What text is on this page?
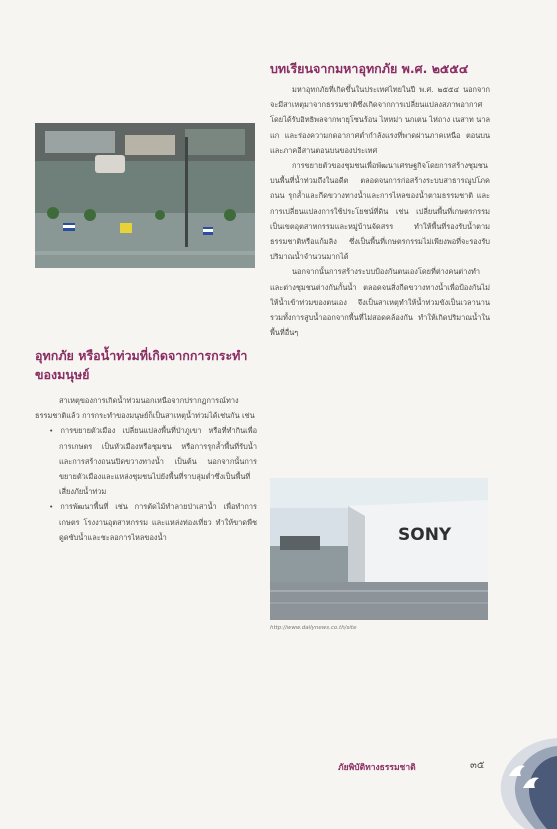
อุทกภัย หรือน้ำท่วมที่เกิดจากการกระทำของมนุษย์

สาเหตุของการเกิดน้ำท่วมนอกเหนือจากปรากฏการณ์ทางธรรมชาติแล้ว การกระทำของมนุษย์ก็เป็นสาเหตุน้ำท่วมได้เช่นกัน เช่น

• การขยายตัวเมือง เปลี่ยนแปลงพื้นที่ป่าภูเขา หรือที่ทำกินเพื่อการเกษตร เป็นหัวเมืองหรือชุมชน หรือการรุกล้ำพื้นที่รับน้ำ และการสร้างถนนปิดขวางทางน้ำ เป็นต้น นอกจากนั้นการขยายตัวเมืองและแหล่งชุมชนไปยังพื้นที่ราบลุ่มต่ำซึ่งเป็นพื้นที่เสี่ยงภัยน้ำท่วม

• การพัฒนาพื้นที่ เช่น การตัดไม้ทำลายป่าเสาน้ำ เพื่อทำการเกษตร โรงงานอุตสาหกรรม และแหล่งท่องเที่ยว ทำให้ขาดพืชดูดซับน้ำและชะลอการไหลของน้ำ

บทเรียนจากมหาอุทกภัย พ.ศ. ๒๕๕๔

มหาอุทกภัยที่เกิดขึ้นในประเทศไทยในปี พ.ศ. ๒๕๕๔ นอกจากจะมีสาเหตุมาจากธรรมชาติซึ่งเกิดจากการเปลี่ยนแปลงสภาพอากาศ โดยได้รับอิทธิพลจากพายุโซนร้อน ไหหม่า นกเตน ไห่ถาง เนสาท นาลแก และร่องความกดอากาศต่ำกำลังแรงที่พาดผ่านภาคเหนือ ตอนบนและภาคอีสานตอนบนของประเทศ

การขยายตัวของชุมชนเพื่อพัฒนาเศรษฐกิจโดยการสร้างชุมชนบนพื้นที่น้ำท่วมถึงในอดีต ตลอดจนการก่อสร้างระบบสาธารณูปโภค ถนน รุกล้ำและกีดขวางทางน้ำและการไหลของน้ำตามธรรมชาติ และการเปลี่ยนแปลงการใช้ประโยชน์ที่ดิน เช่น เปลี่ยนพื้นที่เกษตรกรรมเป็นเขตอุตสาหกรรมและหมู่บ้านจัดสรร ทำให้พื้นที่รองรับน้ำตามธรรมชาติหรือแก้มลิง ซึ่งเป็นพื้นที่เกษตรกรรมไม่เพียงพอที่จะรองรับปริมาณน้ำจำนวนมากได้

นอกจากนั้นการสร้างระบบป้องกันตนเองโดยที่ต่างคนต่างทำและต่างชุมชนต่างกันกั้นน้ำ ตลอดจนสิ่งกีดขวางทางน้ำเพื่อป้องกันไม่ให้น้ำเข้าท่วมของตนเอง จึงเป็นสาเหตุทำให้น้ำท่วมขังเป็นเวลานาน รวมทั้งการสูบน้ำออกจากพื้นที่ไม่สอดคล้องกัน ทำให้เกิดปริมาณน้ำในพื้นที่อื่นๆ

SONY
http://www.dailynews.co.th/site
ภัยพิบัติทางธรรมชาติ	๓๕
